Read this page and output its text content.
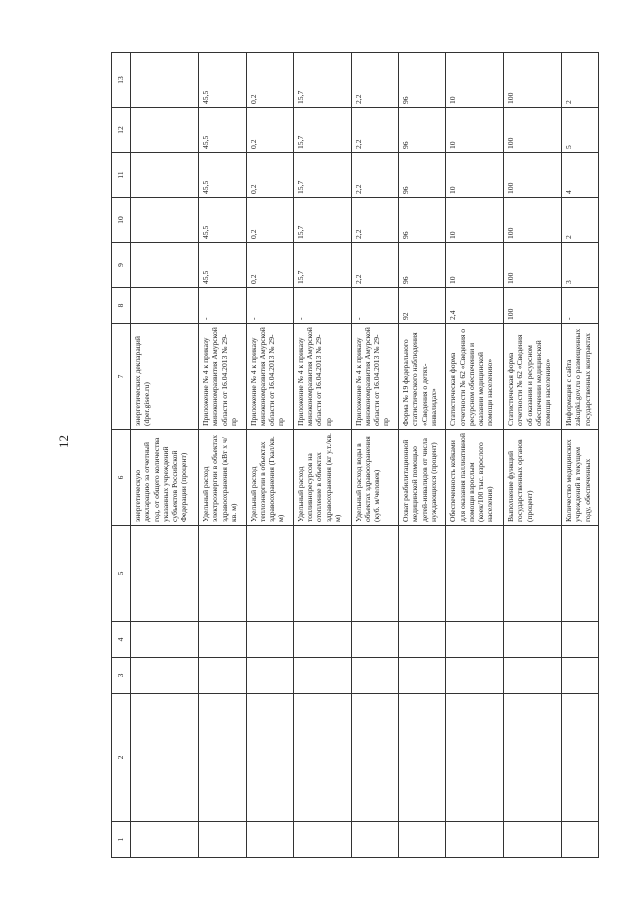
12
1	2	3	4	5	6	7	8	9	10	11	12	13
					энергетическую декларацию за отчетный год, от общего количества указанных учреждений субъектов Российской Федерации (процент)	энергетических деклараций (dper.gisee.ru)						
					Удельный расход электроэнергии в объектах здравоохранения (кВт x ч/кв. м)	Приложение № 4 к приказу минэкономразвития Амурской области от 16.04.2013 № 29-пр	-	45,5	45,5	45,5	45,5	45,5
					Удельный расход теплоэнергии в объектах здравоохранения (Гкал/кв. м)	Приложение № 4 к приказу минэкономразвития Амурской области от 16.04.2013 № 29-пр	-	0,2	0,2	0,2	0,2	0,2
					Удельный расход топливноресурсов на отопление в объектах здравоохранения (кг у.т./кв. м)	Приложение № 4 к приказу минэкономразвития Амурской области от 16.04.2013 № 29-пр	-	15,7	15,7	15,7	15,7	15,7
					Удельный расход воды в объектах здравоохранения (куб. м/человек)	Приложение № 4 к приказу минэкономразвития Амурской области от 16.04.2013 № 29-пр	-	2,2	2,2	2,2	2,2	2,2
					Охват реабилитационной медицинской помощью детей-инвалидов от числа нуждающихся (процент)	Форма № 19 федерального статистического наблюдения «Сведения о детях-инвалидах»	92	96	96	96	96	96
					Обеспеченность койками для оказания паллиативной помощи взрослым (коек/100 тыс. взрослого населения)	Статистическая форма отчетности № 62 «Сведения о ресурсном обеспечении и оказании медицинской помощи населению»	2,4	10	10	10	10	10
					Выполнение функций государственных органов (процент)	Статистическая форма отчетности № 62 «Сведения об оказании и ресурсном обеспечении медицинской помощи населению»	100	100	100	100	100	100
					Количество медицинских учреждений в текущем году, обеспеченных	Информация с сайта zakupki.gov.ru о размещенных государственных контрактах	-	3	2	4	5	2
